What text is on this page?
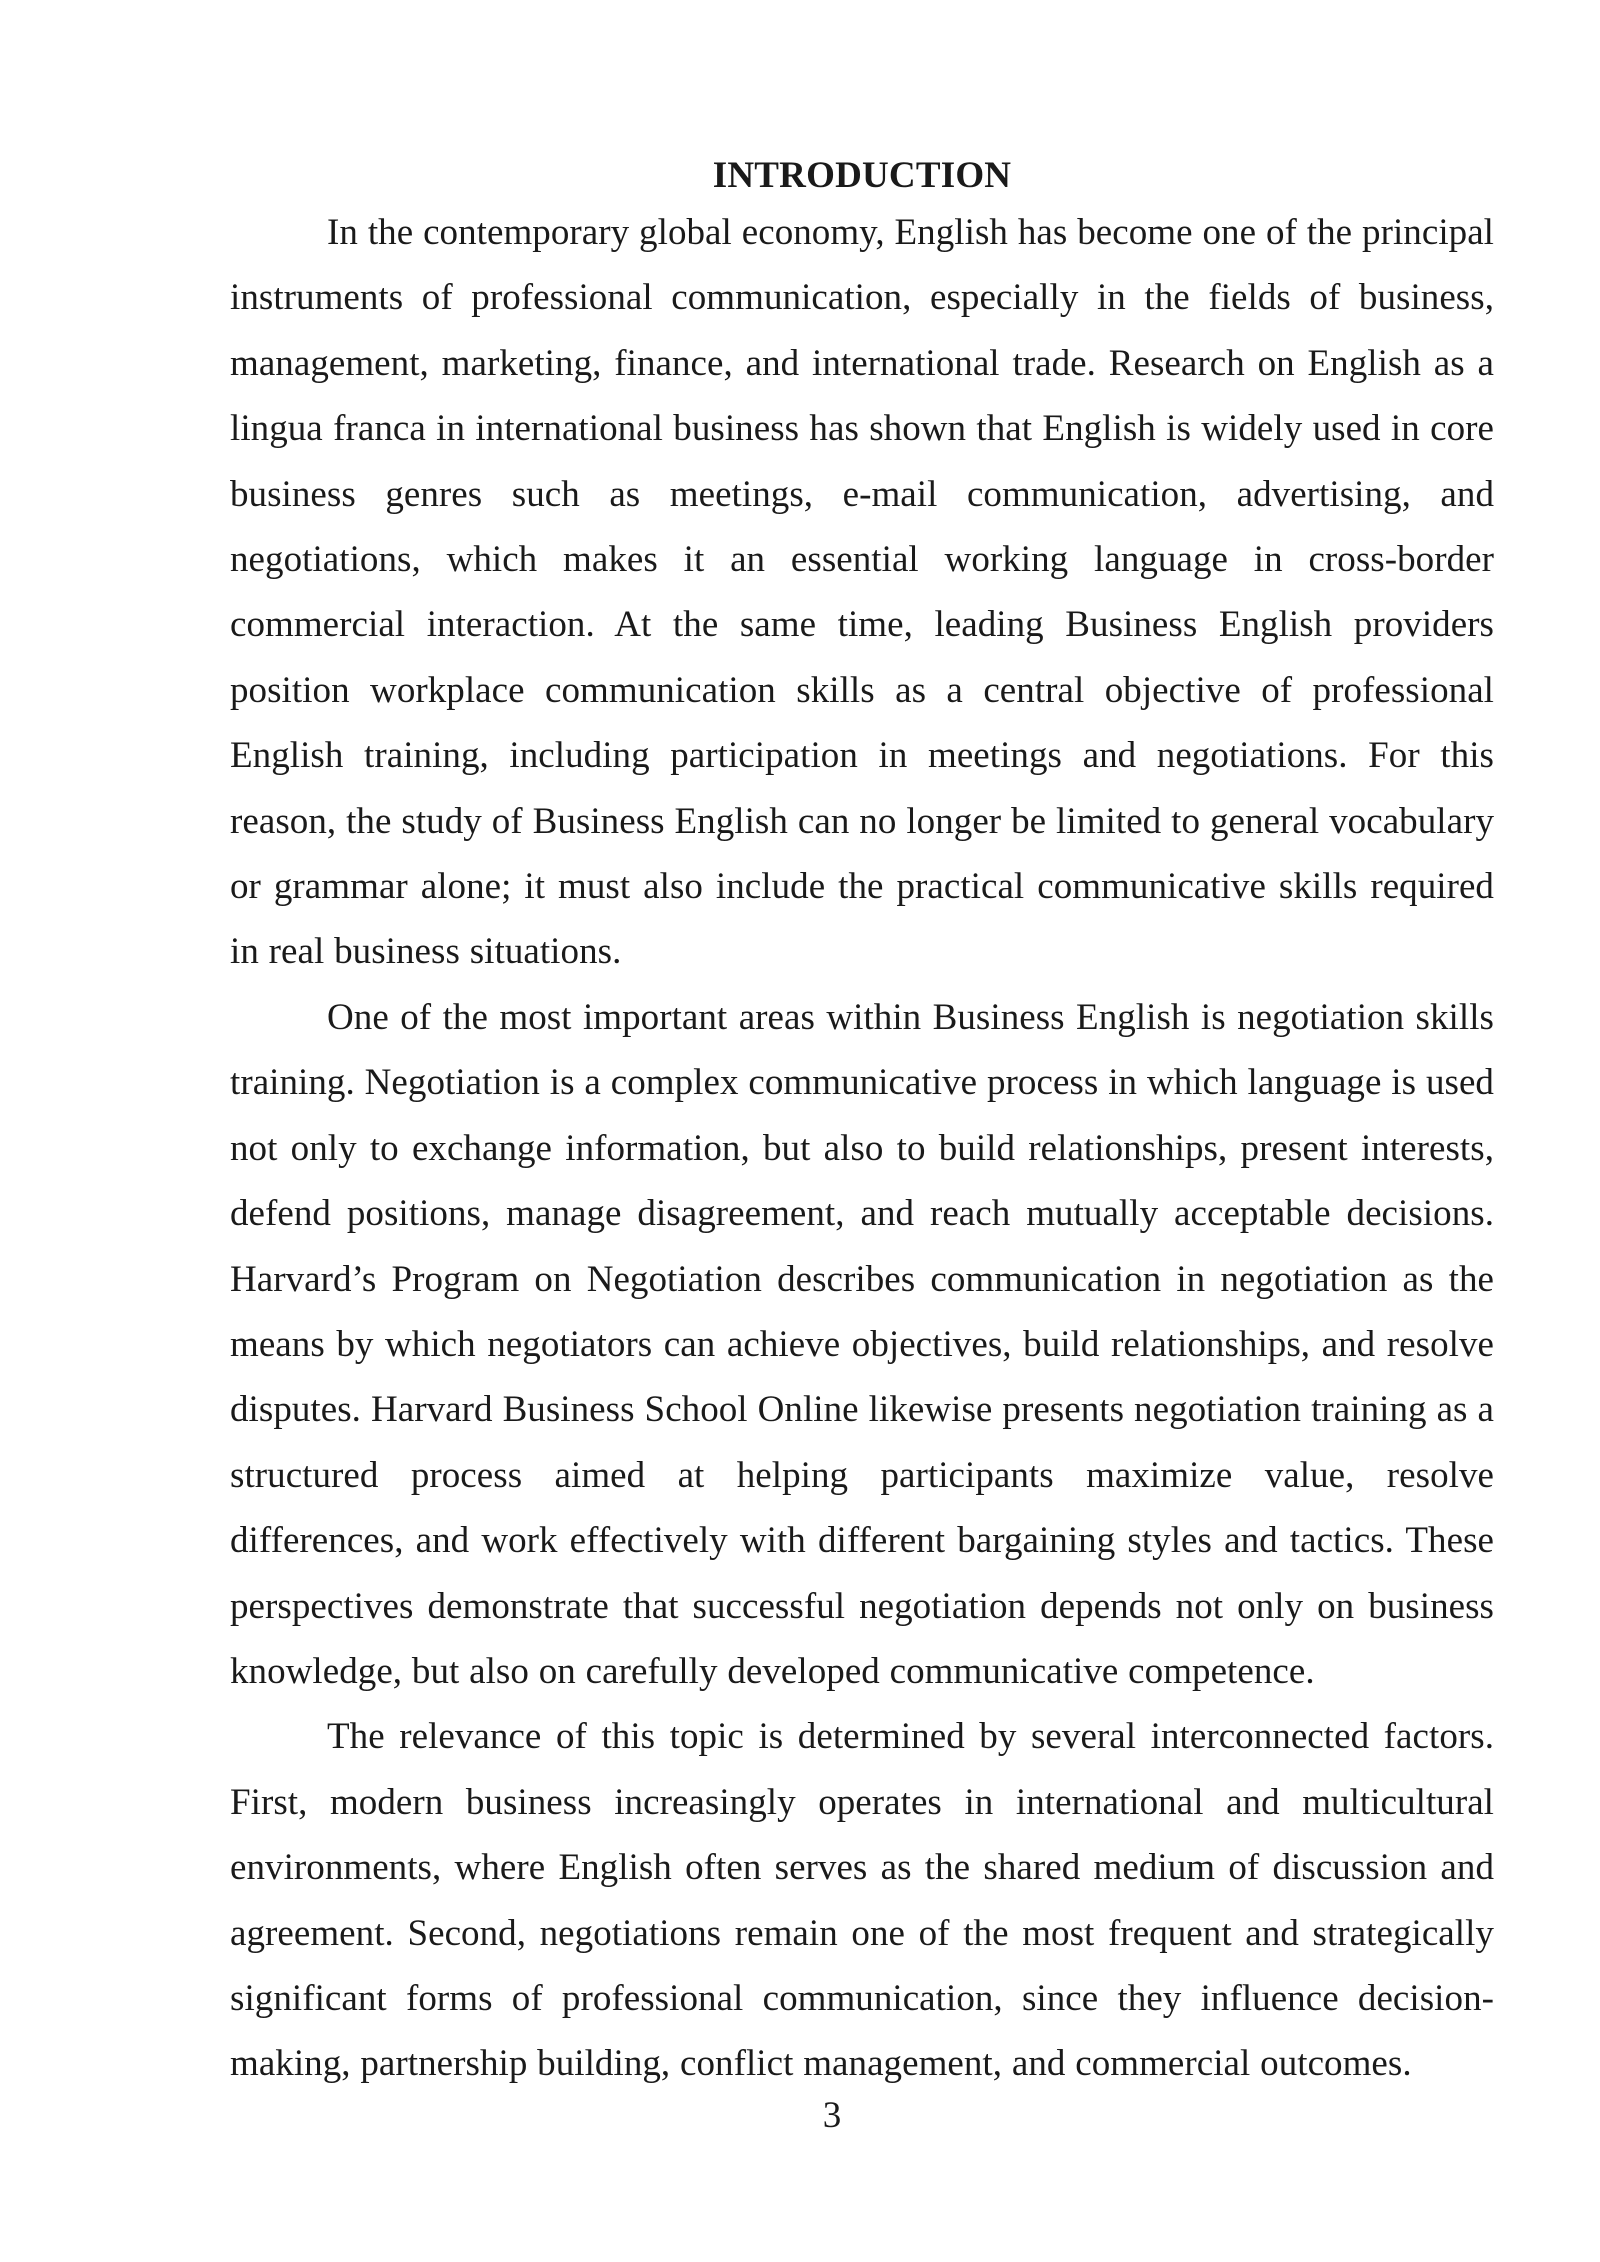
INTRODUCTION

In the contemporary global economy, English has become one of the principal instruments of professional communication, especially in the fields of business, management, marketing, finance, and international trade. Research on English as a lingua franca in international business has shown that English is widely used in core business genres such as meetings, e-mail communication, advertising, and negotiations, which makes it an essential working language in cross-border commercial interaction. At the same time, leading Business English providers position workplace communication skills as a central objective of professional English training, including participation in meetings and negotiations. For this reason, the study of Business English can no longer be limited to general vocabulary or grammar alone; it must also include the practical communicative skills required in real business situations.

One of the most important areas within Business English is negotiation skills training. Negotiation is a complex communicative process in which language is used not only to exchange information, but also to build relationships, present interests, defend positions, manage disagreement, and reach mutually acceptable decisions. Harvard’s Program on Negotiation describes communication in negotiation as the means by which negotiators can achieve objectives, build relationships, and resolve disputes. Harvard Business School Online likewise presents negotiation training as a structured process aimed at helping participants maximize value, resolve differences, and work effectively with different bargaining styles and tactics. These perspectives demonstrate that successful negotiation depends not only on business knowledge, but also on carefully developed communicative competence.

The relevance of this topic is determined by several interconnected factors. First, modern business increasingly operates in international and multicultural environments, where English often serves as the shared medium of discussion and agreement. Second, negotiations remain one of the most frequent and strategically significant forms of professional communication, since they influence decision-making, partnership building, conflict management, and commercial outcomes.

3
